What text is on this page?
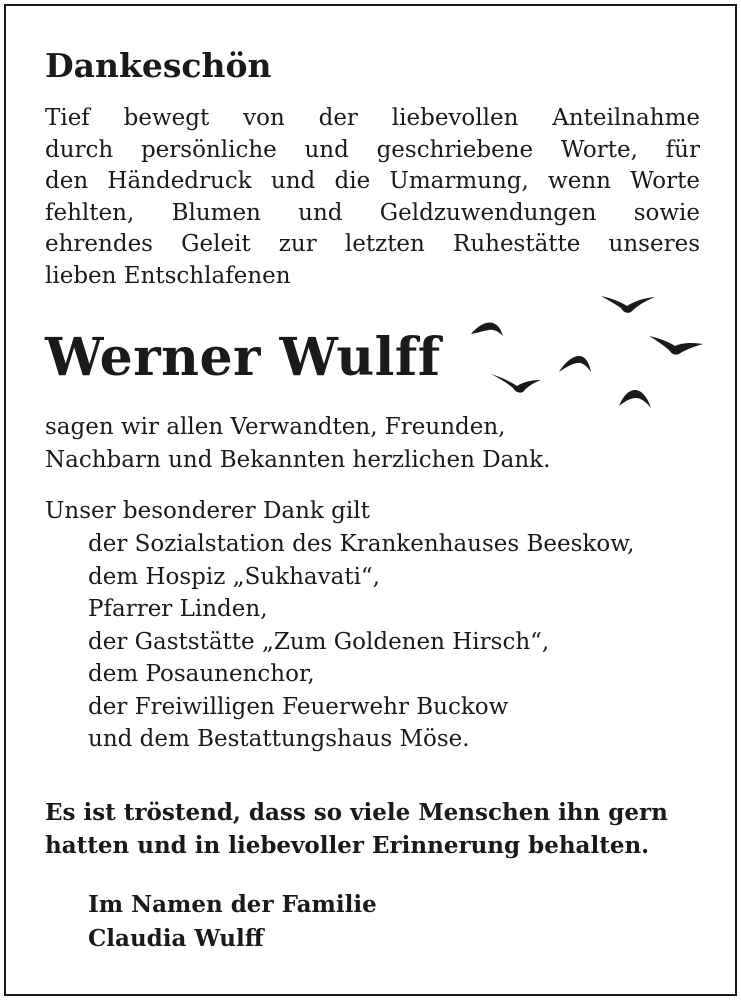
Dankeschön
Tief bewegt von der liebevollen Anteilnahme
durch persönliche und geschriebene Worte, für
den Händedruck und die Umarmung, wenn Worte
fehlten, Blumen und Geldzuwendungen sowie
ehrendes Geleit zur letzten Ruhestätte unseres
lieben Entschlafenen
Werner Wulff
sagen wir allen Verwandten, Freunden,
Nachbarn und Bekannten herzlichen Dank.
Unser besonderer Dank gilt
der Sozialstation des Krankenhauses Beeskow,
dem Hospiz „Sukhavati“,
Pfarrer Linden,
der Gaststätte „Zum Goldenen Hirsch“,
dem Posaunenchor,
der Freiwilligen Feuerwehr Buckow
und dem Bestattungshaus Möse.
Es ist tröstend, dass so viele Menschen ihn gern
hatten und in liebevoller Erinnerung behalten.
Im Namen der Familie
Claudia Wulff
